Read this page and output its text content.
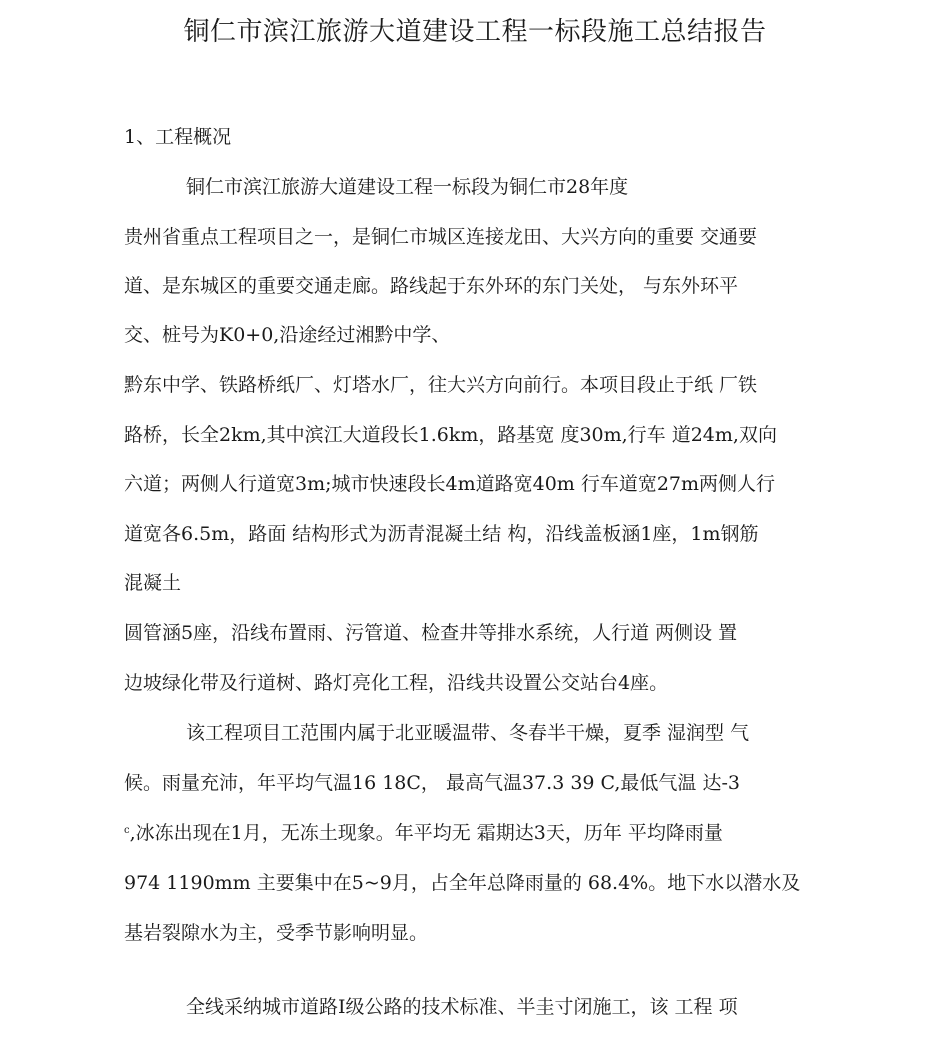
铜仁市滨江旅游大道建设工程一标段施工总结报告
1、工程概况
铜仁市滨江旅游大道建设工程一标段为铜仁市28年度
贵州省重点工程项目之一，是铜仁市城区连接龙田、大兴方向的重要 交通要
道、是东城区的重要交通走廊。路线起于东外环的东门关处， 与东外环平
交、桩号为K0+0,沿途经过湘黔中学、
黔东中学、铁路桥纸厂、灯塔水厂，往大兴方向前行。本项目段止于纸 厂铁
路桥，长全2km,其中滨江大道段长1.6km，路基宽 度30m,行车 道24m,双向
六道；两侧人行道宽3m;城市快速段长4m道路宽40m 行车道宽27m两侧人行
道宽各6.5m，路面 结构形式为沥青混凝土结 构，沿线盖板涵1座，1m钢筋
混凝土
圆管涵5座，沿线布置雨、污管道、检查井等排水系统，人行道 两侧设 置
边坡绿化带及行道树、路灯亮化工程，沿线共设置公交站台4座。
该工程项目工范围内属于北亚暖温带、冬春半干燥，夏季 湿润型 气
候。雨量充沛，年平均气温16 18C， 最高气温37.3 39 C,最低气温 达-3
$^c$,冰冻出现在1月，无冻土现象。年平均无 霜期达3天，历年 平均降雨量
974 1190mm 主要集中在5~9月，占全年总降雨量的 68.4%。地下水以潜水及
基岩裂隙水为主，受季节影响明显。
全线采纳城市道路Ⅰ级公路的技术标准、半圭寸闭施工，该 工程 项
